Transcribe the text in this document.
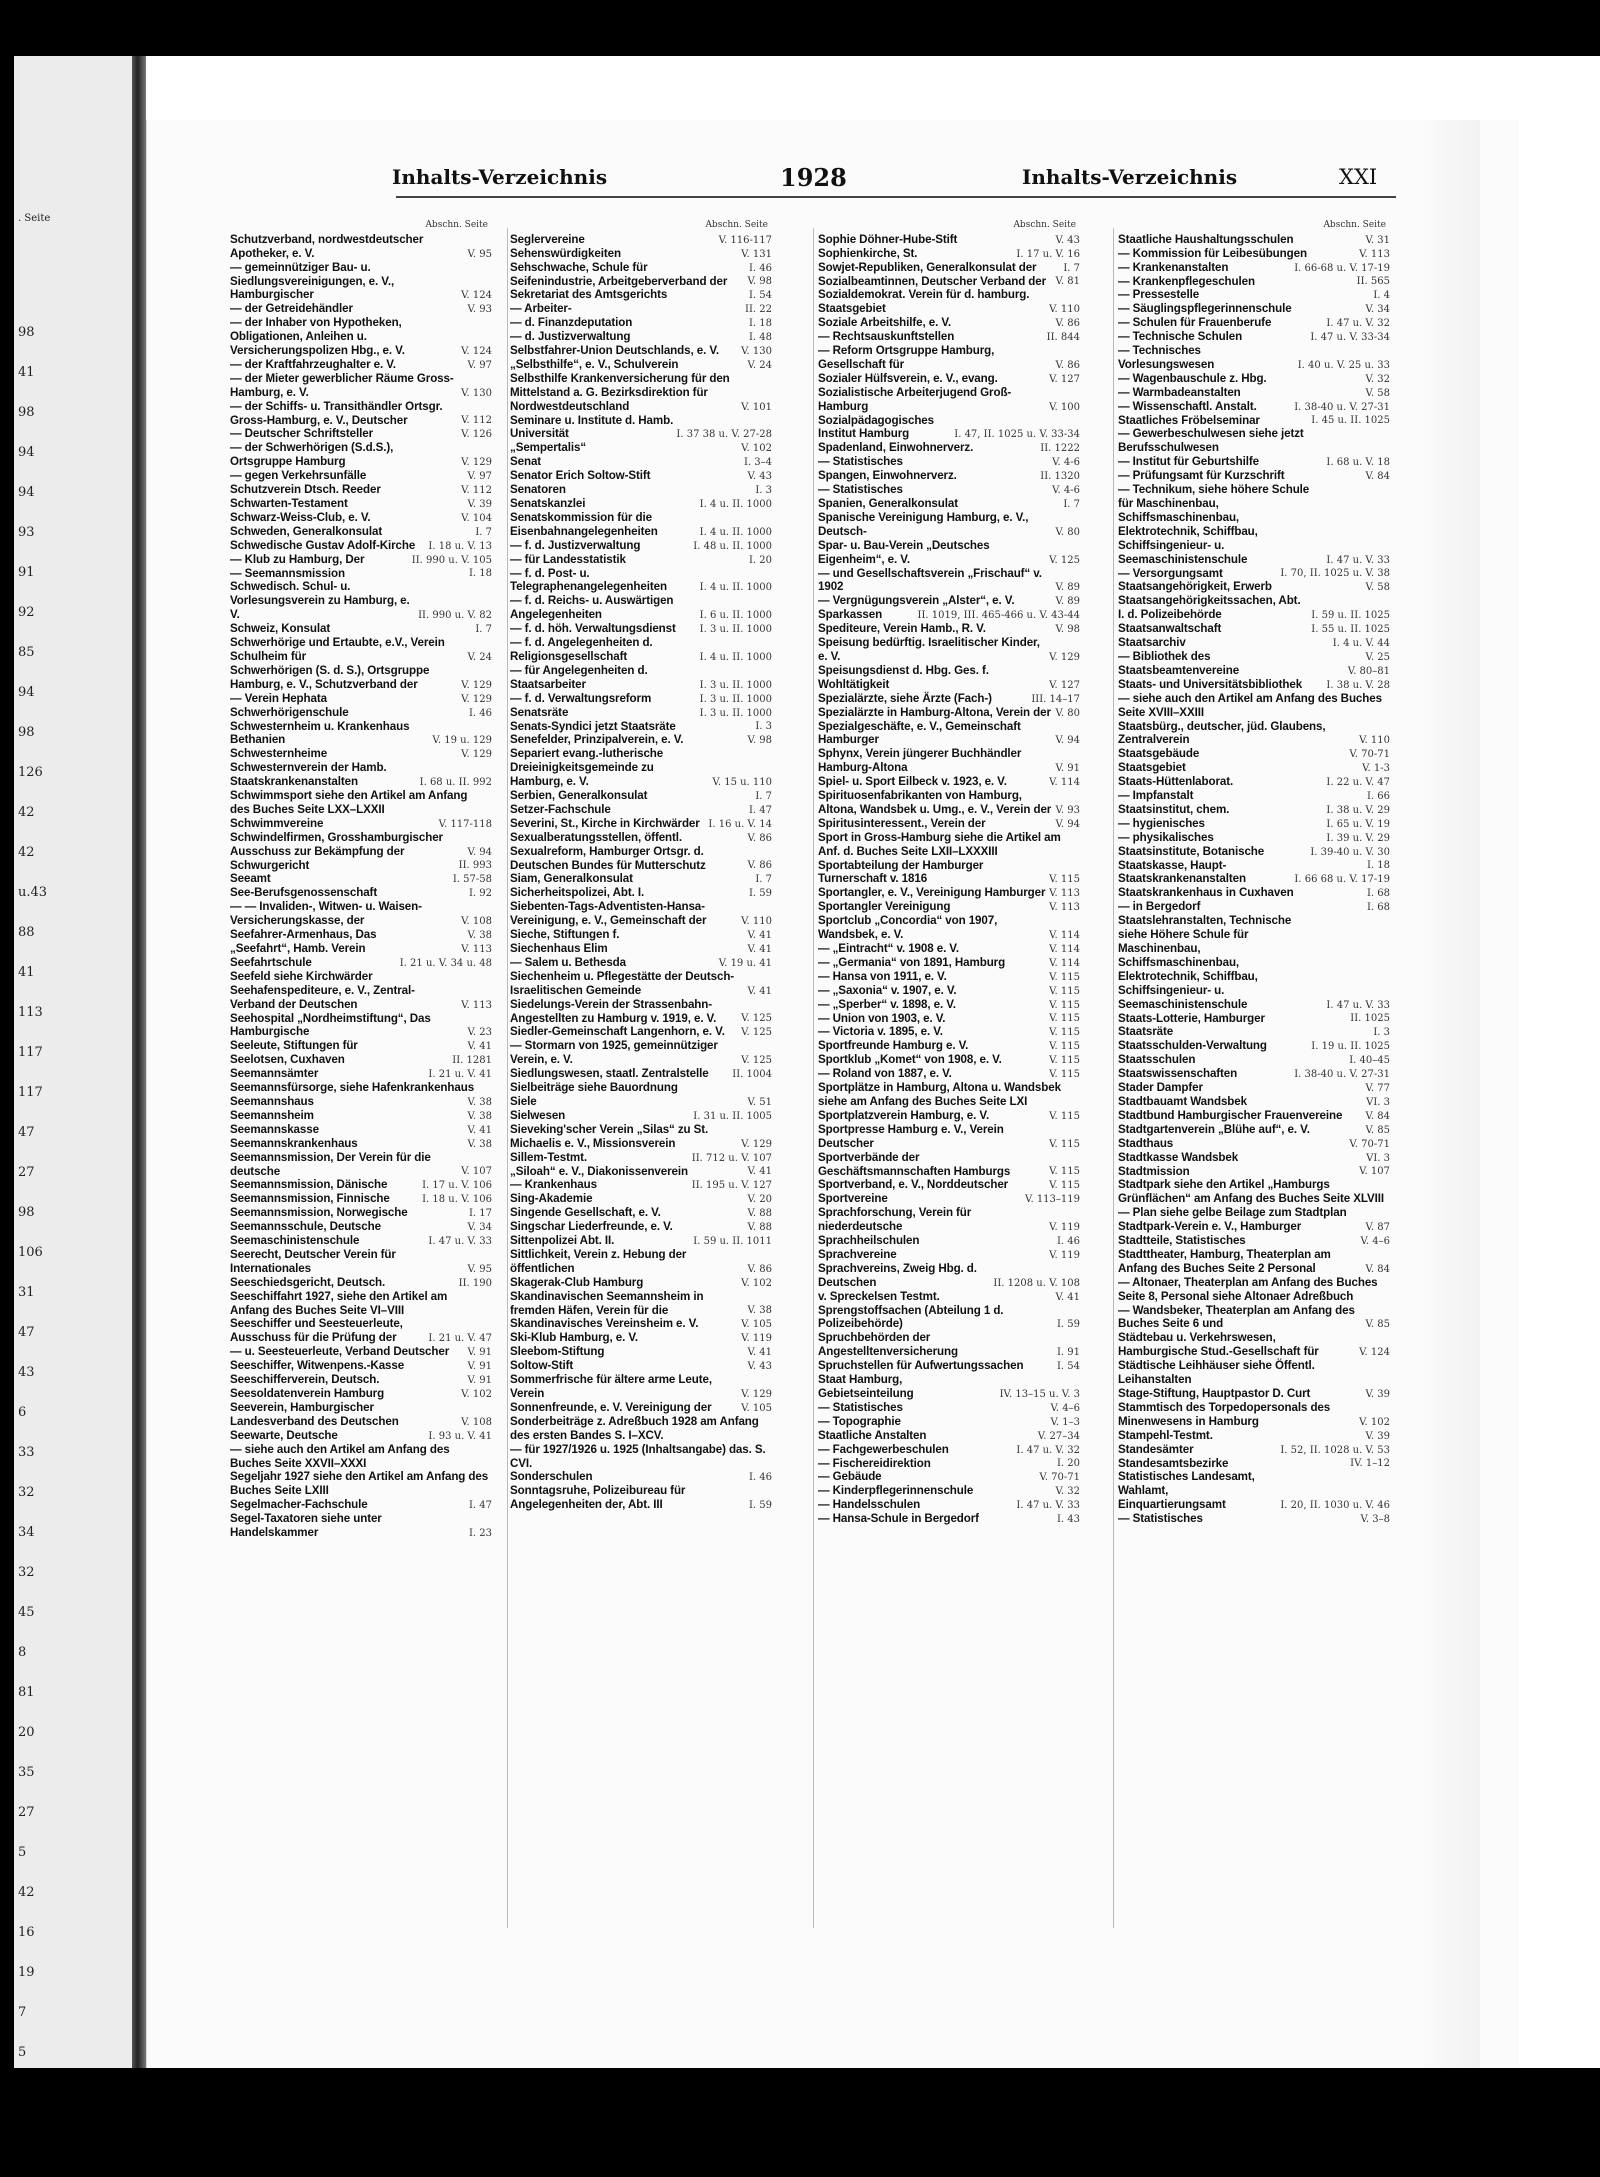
. Seite
98
41
98
94
94
93
91
92
85
94
98
126
42
42
u.43
88
41
113
117
117
47
27
98
106
31
47
43
6
33
32
34
32
45
8
81
20
35
27
5
42
16
19
7
5
Inhalts-Verzeichnis	1928	Inhalts-Verzeichnis	XXI
Abschn. Seite
Schutzverband, nordwestdeutscher Apotheker, e. V.	V. 95
— gemeinnütziger Bau- u. Siedlungsvereinigungen, e. V., Hamburgischer	V. 124
— der Getreidehändler	V. 93
— der Inhaber von Hypotheken, Obligationen, Anleihen u. Versicherungspolizen Hbg., e. V.	V. 124
— der Kraftfahrzeughalter e. V.	V. 97
— der Mieter gewerblicher Räume Gross-Hamburg, e. V.	V. 130
— der Schiffs- u. Transithändler Ortsgr. Gross-Hamburg, e. V., Deutscher	V. 112
— Deutscher Schriftsteller	V. 126
— der Schwerhörigen (S.d.S.), Ortsgruppe Hamburg	V. 129
— gegen Verkehrsunfälle	V. 97
Schutzverein Dtsch. Reeder	V. 112
Schwarten-Testament	V. 39
Schwarz-Weiss-Club, e. V.	V. 104
Schweden, Generalkonsulat	I. 7
Schwedische Gustav Adolf-Kirche	I. 18 u. V. 13
— Klub zu Hamburg, Der	II. 990 u. V. 105
— Seemannsmission	I. 18
Schwedisch. Schul- u. Vorlesungsverein zu Hamburg, e. V.	II. 990 u. V. 82
Schweiz, Konsulat	I. 7
Schwerhörige und Ertaubte, e.V., Verein Schulheim für	V. 24
Schwerhörigen (S. d. S.), Ortsgruppe Hamburg, e. V., Schutzverband der	V. 129
— Verein Hephata	V. 129
Schwerhörigenschule	I. 46
Schwesternheim u. Krankenhaus Bethanien	V. 19 u. 129
Schwesternheime	V. 129
Schwesternverein der Hamb. Staatskrankenanstalten	I. 68 u. II. 992
Schwimmsport siehe den Artikel am Anfang des Buches Seite LXX–LXXII
Schwimmvereine	V. 117-118
Schwindelfirmen, Grosshamburgischer Ausschuss zur Bekämpfung der	V. 94
Schwurgericht	II. 993
Seeamt	I. 57-58
See-Berufsgenossenschaft	I. 92
— — Invaliden-, Witwen- u. Waisen-Versicherungskasse, der	V. 108
Seefahrer-Armenhaus, Das	V. 38
„Seefahrt“, Hamb. Verein	V. 113
Seefahrtschule	I. 21 u. V. 34 u. 48
Seefeld siehe Kirchwärder
Seehafenspediteure, e. V., Zentral-Verband der Deutschen	V. 113
Seehospital „Nordheimstiftung“, Das Hamburgische	V. 23
Seeleute, Stiftungen für	V. 41
Seelotsen, Cuxhaven	II. 1281
Seemannsämter	I. 21 u. V. 41
Seemannsfürsorge, siehe Hafenkrankenhaus
Seemannshaus	V. 38
Seemannsheim	V. 38
Seemannskasse	V. 41
Seemannskrankenhaus	V. 38
Seemannsmission, Der Verein für die deutsche	V. 107
Seemannsmission, Dänische	I. 17 u. V. 106
Seemannsmission, Finnische	I. 18 u. V. 106
Seemannsmission, Norwegische	I. 17
Seemannsschule, Deutsche	V. 34
Seemaschinistenschule	I. 47 u. V. 33
Seerecht, Deutscher Verein für Internationales	V. 95
Seeschiedsgericht, Deutsch.	II. 190
Seeschiffahrt 1927, siehe den Artikel am Anfang des Buches Seite VI–VIII
Seeschiffer und Seesteuerleute, Ausschuss für die Prüfung der	I. 21 u. V. 47
— u. Seesteuerleute, Verband Deutscher	V. 91
Seeschiffer, Witwenpens.-Kasse	V. 91
Seeschifferverein, Deutsch.	V. 91
Seesoldatenverein Hamburg	V. 102
Seeverein, Hamburgischer Landesverband des Deutschen	V. 108
Seewarte, Deutsche	I. 93 u. V. 41
— siehe auch den Artikel am Anfang des Buches Seite XXVII–XXXI
Segeljahr 1927 siehe den Artikel am Anfang des Buches Seite LXIII
Segelmacher-Fachschule	I. 47
Segel-Taxatoren siehe unter Handelskammer	I. 23
Abschn. Seite
Seglervereine	V. 116-117
Sehenswürdigkeiten	V. 131
Sehschwache, Schule für	I. 46
Seifenindustrie, Arbeitgeberverband der	V. 98
Sekretariat des Amtsgerichts	I. 54
— Arbeiter-	II. 22
— d. Finanzdeputation	I. 18
— d. Justizverwaltung	I. 48
Selbstfahrer-Union Deutschlands, e. V.	V. 130
„Selbsthilfe“, e. V., Schulverein	V. 24
Selbsthilfe Krankenversicherung für den Mittelstand a. G. Bezirksdirektion für Nordwestdeutschland	V. 101
Seminare u. Institute d. Hamb. Universität	I. 37 38 u. V. 27-28
„Sempertalis“	V. 102
Senat	I. 3–4
Senator Erich Soltow-Stift	V. 43
Senatoren	I. 3
Senatskanzlei	I. 4 u. II. 1000
Senatskommission für die Eisenbahnangelegenheiten	I. 4 u. II. 1000
— f. d. Justizverwaltung	I. 48 u. II. 1000
— für Landesstatistik	I. 20
— f. d. Post- u. Telegraphenangelegenheiten	I. 4 u. II. 1000
— f. d. Reichs- u. Auswärtigen Angelegenheiten	I. 6 u. II. 1000
— f. d. höh. Verwaltungsdienst	I. 3 u. II. 1000
— f. d. Angelegenheiten d. Religionsgesellschaft	I. 4 u. II. 1000
— für Angelegenheiten d. Staatsarbeiter	I. 3 u. II. 1000
— f. d. Verwaltungsreform	I. 3 u. II. 1000
Senatsräte	I. 3 u. II. 1000
Senats-Syndici jetzt Staatsräte	I. 3
Senefelder, Prinzipalverein, e. V.	V. 98
Separiert evang.-lutherische Dreieinigkeitsgemeinde zu Hamburg, e. V.	V. 15 u. 110
Serbien, Generalkonsulat	I. 7
Setzer-Fachschule	I. 47
Severini, St., Kirche in Kirchwärder I. 16 u. V. 14
Sexualberatungsstellen, öffentl.	V. 86
Sexualreform, Hamburger Ortsgr. d. Deutschen Bundes für Mutterschutz	V. 86
Siam, Generalkonsulat	I. 7
Sicherheitspolizei, Abt. I.	I. 59
Siebenten-Tags-Adventisten-Hansa-Vereinigung, e. V., Gemeinschaft der	V. 110
Sieche, Stiftungen f.	V. 41
Siechenhaus Elim	V. 41
— Salem u. Bethesda	V. 19 u. 41
Siechenheim u. Pflegestätte der Deutsch-Israelitischen Gemeinde	V. 41
Siedelungs-Verein der Strassenbahn-Angestellten zu Hamburg v. 1919, e. V.	V. 125
Siedler-Gemeinschaft Langenhorn, e. V.	V. 125
— Stormarn von 1925, gemeinnütziger Verein, e. V.	V. 125
Siedlungswesen, staatl. Zentralstelle	II. 1004
Sielbeiträge siehe Bauordnung
Siele	V. 51
Sielwesen	I. 31 u. II. 1005
Sieveking'scher Verein „Silas“ zu St. Michaelis e. V., Missionsverein	V. 129
Sillem-Testmt.	II. 712 u. V. 107
„Siloah“ e. V., Diakonissenverein	V. 41
— Krankenhaus	II. 195 u. V. 127
Sing-Akademie	V. 20
Singende Gesellschaft, e. V.	V. 88
Singschar Liederfreunde, e. V.	V. 88
Sittenpolizei Abt. II.	I. 59 u. II. 1011
Sittlichkeit, Verein z. Hebung der öffentlichen	V. 86
Skagerak-Club Hamburg	V. 102
Skandinavischen Seemannsheim in fremden Häfen, Verein für die	V. 38
Skandinavisches Vereinsheim e. V.	V. 105
Ski-Klub Hamburg, e. V.	V. 119
Sleebom-Stiftung	V. 41
Soltow-Stift	V. 43
Sommerfrische für ältere arme Leute, Verein	V. 129
Sonnenfreunde, e. V. Vereinigung der	V. 105
Sonderbeiträge z. Adreßbuch 1928 am Anfang des ersten Bandes S. I–XCV.
— für 1927/1926 u. 1925 (Inhaltsangabe) das. S. CVI.
Sonderschulen	I. 46
Sonntagsruhe, Polizeibureau für Angelegenheiten der, Abt. III	I. 59
Abschn. Seite
Sophie Döhner-Hube-Stift	V. 43
Sophienkirche, St.	I. 17 u. V. 16
Sowjet-Republiken, Generalkonsulat der	I. 7
Sozialbeamtinnen, Deutscher Verband der V. 81
Sozialdemokrat. Verein für d. hamburg. Staatsgebiet	V. 110
Soziale Arbeitshilfe, e. V.	V. 86
— Rechtsauskunftstellen	II. 844
— Reform Ortsgruppe Hamburg, Gesellschaft für	V. 86
Sozialer Hülfsverein, e. V., evang.	V. 127
Sozialistische Arbeiterjugend Groß-Hamburg	V. 100
Sozialpädagogisches Institut Hamburg	I. 47, II. 1025 u. V. 33-34
Spadenland, Einwohnerverz.	II. 1222
— Statistisches	V. 4-6
Spangen, Einwohnerverz.	II. 1320
— Statistisches	V. 4-6
Spanien, Generalkonsulat	I. 7
Spanische Vereinigung Hamburg, e. V., Deutsch-	V. 80
Spar- u. Bau-Verein „Deutsches Eigenheim“, e. V.	V. 125
— und Gesellschaftsverein „Frischauf“ v. 1902	V. 89
— Vergnügungsverein „Alster“, e. V.	V. 89
Sparkassen	II. 1019, III. 465-466 u. V. 43-44
Spediteure, Verein Hamb., R. V.	V. 98
Speisung bedürftig. Israelitischer Kinder, e. V.	V. 129
Speisungsdienst d. Hbg. Ges. f. Wohltätigkeit	V. 127
Spezialärzte, siehe Ärzte (Fach-)	III. 14–17
Spezialärzte in Hamburg-Altona, Verein der V. 80
Spezialgeschäfte, e. V., Gemeinschaft Hamburger	V. 94
Sphynx, Verein jüngerer Buchhändler Hamburg-Altona	V. 91
Spiel- u. Sport Eilbeck v. 1923, e. V.	V. 114
Spirituosenfabrikanten von Hamburg, Altona, Wandsbek u. Umg., e. V., Verein der V. 93
Spiritusinteressent., Verein der	V. 94
Sport in Gross-Hamburg siehe die Artikel am Anf. d. Buches Seite LXII–LXXXIII
Sportabteilung der Hamburger Turnerschaft v. 1816	V. 115
Sportangler, e. V., Vereinigung Hamburger V. 113
Sportangler Vereinigung	V. 113
Sportclub „Concordia“ von 1907, Wandsbek, e. V.	V. 114
— „Eintracht“ v. 1908 e. V.	V. 114
— „Germania“ von 1891, Hamburg	V. 114
— Hansa von 1911, e. V.	V. 115
— „Saxonia“ v. 1907, e. V.	V. 115
— „Sperber“ v. 1898, e. V.	V. 115
— Union von 1903, e. V.	V. 115
— Victoria v. 1895, e. V.	V. 115
Sportfreunde Hamburg e. V.	V. 115
Sportklub „Komet“ von 1908, e. V.	V. 115
— Roland von 1887, e. V.	V. 115
Sportplätze in Hamburg, Altona u. Wandsbek siehe am Anfang des Buches Seite LXI
Sportplatzverein Hamburg, e. V.	V. 115
Sportpresse Hamburg e. V., Verein Deutscher	V. 115
Sportverbände der Geschäftsmannschaften Hamburgs	V. 115
Sportverband, e. V., Norddeutscher	V. 115
Sportvereine	V. 113–119
Sprachforschung, Verein für niederdeutsche	V. 119
Sprachheilschulen	I. 46
Sprachvereine	V. 119
Sprachvereins, Zweig Hbg. d. Deutschen	II. 1208 u. V. 108
v. Spreckelsen Testmt.	V. 41
Sprengstoffsachen (Abteilung 1 d. Polizeibehörde)	I. 59
Spruchbehörden der Angestelltenversicherung	I. 91
Spruchstellen für Aufwertungssachen	I. 54
Staat Hamburg, Gebietseinteilung	IV. 13–15 u. V. 3
— Statistisches	V. 4–6
— Topographie	V. 1–3
Staatliche Anstalten	V. 27–34
— Fachgewerbeschulen	I. 47 u. V. 32
— Fischereidirektion	I. 20
— Gebäude	V. 70-71
— Kinderpflegerinnenschule	V. 32
— Handelsschulen	I. 47 u. V. 33
— Hansa-Schule in Bergedorf	I. 43
Abschn. Seite
Staatliche Haushaltungsschulen	V. 31
— Kommission für Leibesübungen	V. 113
— Krankenanstalten	I. 66-68 u. V. 17-19
— Krankenpflegeschulen	II. 565
— Pressestelle	I. 4
— Säuglingspflegerinnenschule	V. 34
— Schulen für Frauenberufe	I. 47 u. V. 32
— Technische Schulen	I. 47 u. V. 33-34
— Technisches Vorlesungswesen	I. 40 u. V. 25 u. 33
— Wagenbauschule z. Hbg.	V. 32
— Warmbadeanstalten	V. 58
— Wissenschaftl. Anstalt.	I. 38-40 u. V. 27-31
Staatliches Fröbelseminar	I. 45 u. II. 1025
— Gewerbeschulwesen siehe jetzt Berufsschulwesen
— Institut für Geburtshilfe	I. 68 u. V. 18
— Prüfungsamt für Kurzschrift	V. 84
— Technikum, siehe höhere Schule für Maschinenbau, Schiffsmaschinenbau, Elektrotechnik, Schiffbau, Schiffsingenieur- u. Seemaschinistenschule	I. 47 u. V. 33
— Versorgungsamt	I. 70, II. 1025 u. V. 38
Staatsangehörigkeit, Erwerb	V. 58
Staatsangehörigkeitssachen, Abt. I. d. Polizeibehörde	I. 59 u. II. 1025
Staatsanwaltschaft	I. 55 u. II. 1025
Staatsarchiv	I. 4 u. V. 44
— Bibliothek des	V. 25
Staatsbeamtenvereine	V. 80–81
Staats- und Universitätsbibliothek	I. 38 u. V. 28
— siehe auch den Artikel am Anfang des Buches Seite XVIII–XXIII
Staatsbürg., deutscher, jüd. Glaubens, Zentralverein	V. 110
Staatsgebäude	V. 70-71
Staatsgebiet	V. 1-3
Staats-Hüttenlaborat.	I. 22 u. V. 47
— Impfanstalt	I. 66
Staatsinstitut, chem.	I. 38 u. V. 29
— hygienisches	I. 65 u. V. 19
— physikalisches	I. 39 u. V. 29
Staatsinstitute, Botanische	I. 39-40 u. V. 30
Staatskasse, Haupt-	I. 18
Staatskrankenanstalten	I. 66 68 u. V. 17-19
Staatskrankenhaus in Cuxhaven	I. 68
— in Bergedorf	I. 68
Staatslehranstalten, Technische siehe Höhere Schule für Maschinenbau, Schiffsmaschinenbau, Elektrotechnik, Schiffbau, Schiffsingenieur- u. Seemaschinistenschule	I. 47 u. V. 33
Staats-Lotterie, Hamburger	II. 1025
Staatsräte	I. 3
Staatsschulden-Verwaltung	I. 19 u. II. 1025
Staatsschulen	I. 40–45
Staatswissenschaften	I. 38-40 u. V. 27-31
Stader Dampfer	V. 77
Stadtbauamt Wandsbek	VI. 3
Stadtbund Hamburgischer Frauenvereine	V. 84
Stadtgartenverein „Blühe auf“, e. V.	V. 85
Stadthaus	V. 70-71
Stadtkasse Wandsbek	VI. 3
Stadtmission	V. 107
Stadtpark siehe den Artikel „Hamburgs Grünflächen“ am Anfang des Buches Seite XLVIII
— Plan siehe gelbe Beilage zum Stadtplan
Stadtpark-Verein e. V., Hamburger	V. 87
Stadtteile, Statistisches	V. 4–6
Stadttheater, Hamburg, Theaterplan am Anfang des Buches Seite 2 Personal	V. 84
— Altonaer, Theaterplan am Anfang des Buches Seite 8, Personal siehe Altonaer Adreßbuch
— Wandsbeker, Theaterplan am Anfang des Buches Seite 6 und	V. 85
Städtebau u. Verkehrswesen, Hamburgische Stud.-Gesellschaft für	V. 124
Städtische Leihhäuser siehe Öffentl. Leihanstalten
Stage-Stiftung, Hauptpastor D. Curt	V. 39
Stammtisch des Torpedopersonals des Minenwesens in Hamburg	V. 102
Stampehl-Testmt.	V. 39
Standesämter	I. 52, II. 1028 u. V. 53
Standesamtsbezirke	IV. 1–12
Statistisches Landesamt, Wahlamt, Einquartierungsamt	I. 20, II. 1030 u. V. 46
— Statistisches	V. 3–8
